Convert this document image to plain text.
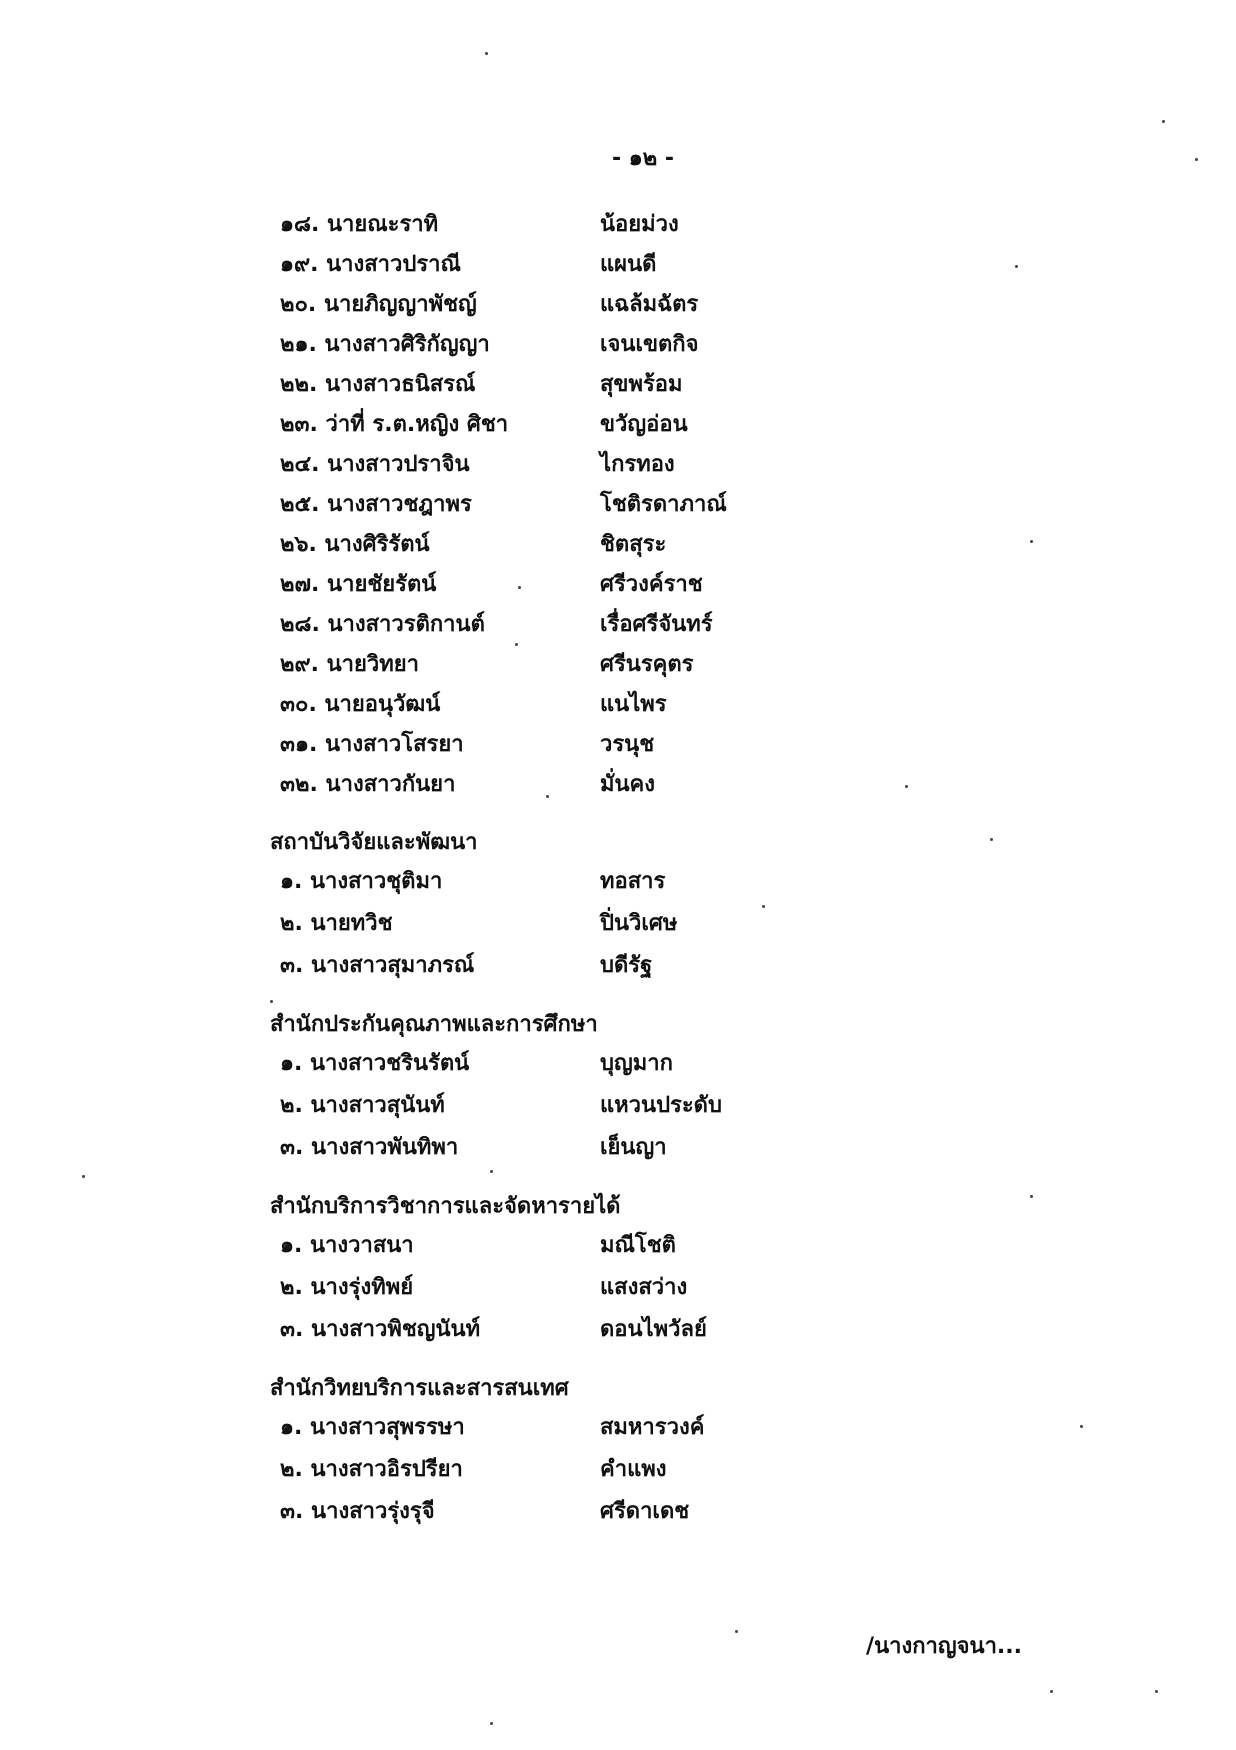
- ๑๒ -
๑๘. นายณะราทิ	น้อยม่วง
๑๙. นางสาวปราณี	แผนดี
๒๐. นายภิญญาพัชญ์	แฉล้มฉัตร
๒๑. นางสาวศิริกัญญา	เจนเขตกิจ
๒๒. นางสาวธนิสรณ์	สุขพร้อม
๒๓. ว่าที่ ร.ต.หญิง ศิชา	ขวัญอ่อน
๒๔. นางสาวปราจิน	ไกรทอง
๒๕. นางสาวชฎาพร	โชติรดาภาณ์
๒๖. นางศิริรัตน์	ชิตสุระ
๒๗. นายชัยรัตน์	ศรีวงค์ราช
๒๘. นางสาวรติกานต์	เรื่อศรีจันทร์
๒๙. นายวิทยา	ศรีนรคุตร
๓๐. นายอนุวัฒน์	แนไพร
๓๑. นางสาวโสรยา	วรนุช
๓๒. นางสาวกันยา	มั่นคง
สถาบันวิจัยและพัฒนา
๑. นางสาวชุติมา	ทอสาร
๒. นายทวิช	ปิ่นวิเศษ
๓. นางสาวสุมาภรณ์	บดีรัฐ
สำนักประกันคุณภาพและการศึกษา
๑. นางสาวชรินรัตน์	บุญมาก
๒. นางสาวสุนันท์	แหวนประดับ
๓. นางสาวพันทิพา	เย็นญา
สำนักบริการวิชาการและจัดหารายได้
๑. นางวาสนา	มณีโชติ
๒. นางรุ่งทิพย์	แสงสว่าง
๓. นางสาวพิชญนันท์	ดอนไพวัลย์
สำนักวิทยบริการและสารสนเทศ
๑. นางสาวสุพรรษา	สมหารวงค์
๒. นางสาวอิรปรียา	คำแพง
๓. นางสาวรุ่งรุจี	ศรีดาเดช
/นางกาญจนา...
